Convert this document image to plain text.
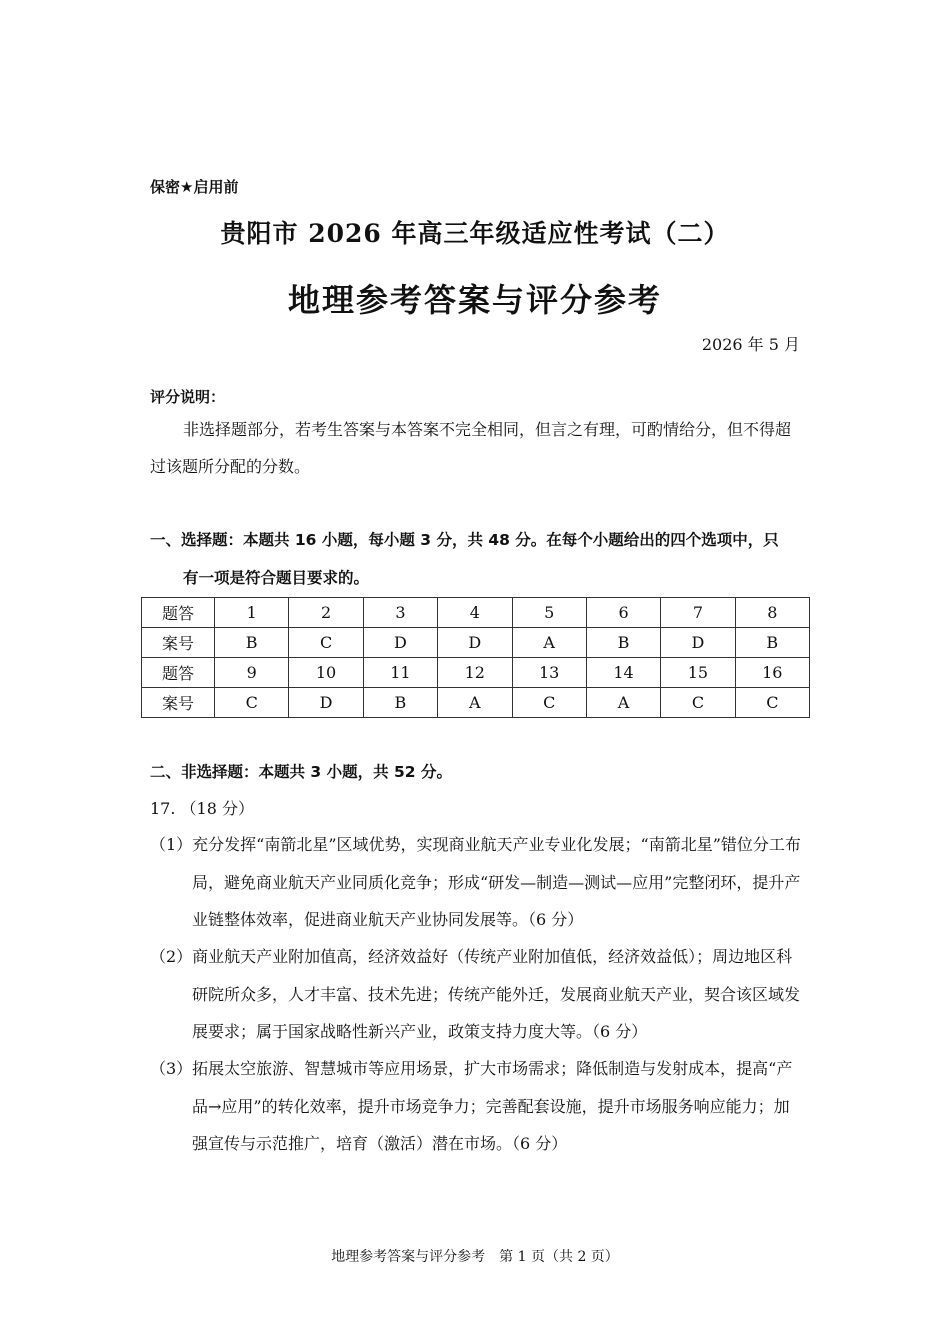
保密★启用前
贵阳市 2026 年高三年级适应性考试（二）
地理参考答案与评分参考
2026 年 5 月
评分说明：
非选择题部分，若考生答案与本答案不完全相同，但言之有理，可酌情给分，但不得超过该题所分配的分数。
一、选择题：本题共 16 小题，每小题 3 分，共 48 分。在每个小题给出的四个选项中，只
有一项是符合题目要求的。
题答	1	2	3	4	5	6	7	8
案号	B	C	D	D	A	B	D	B
题答	9	10	11	12	13	14	15	16
案号	C	D	B	A	C	A	C	C
二、非选择题：本题共 3 小题，共 52 分。
17. （18 分）
（1）充分发挥“南箭北星”区域优势，实现商业航天产业专业化发展；“南箭北星”错位分工布局，避免商业航天产业同质化竞争；形成“研发—制造—测试—应用”完整闭环，提升产业链整体效率，促进商业航天产业协同发展等。（6 分）
（2）商业航天产业附加值高，经济效益好（传统产业附加值低，经济效益低）；周边地区科研院所众多，人才丰富、技术先进；传统产能外迁，发展商业航天产业，契合该区域发展要求；属于国家战略性新兴产业，政策支持力度大等。（6 分）
（3）拓展太空旅游、智慧城市等应用场景，扩大市场需求；降低制造与发射成本，提高“产品→应用”的转化效率，提升市场竞争力；完善配套设施，提升市场服务响应能力；加强宣传与示范推广，培育（激活）潜在市场。（6 分）
地理参考答案与评分参考　第 1 页（共 2 页）
